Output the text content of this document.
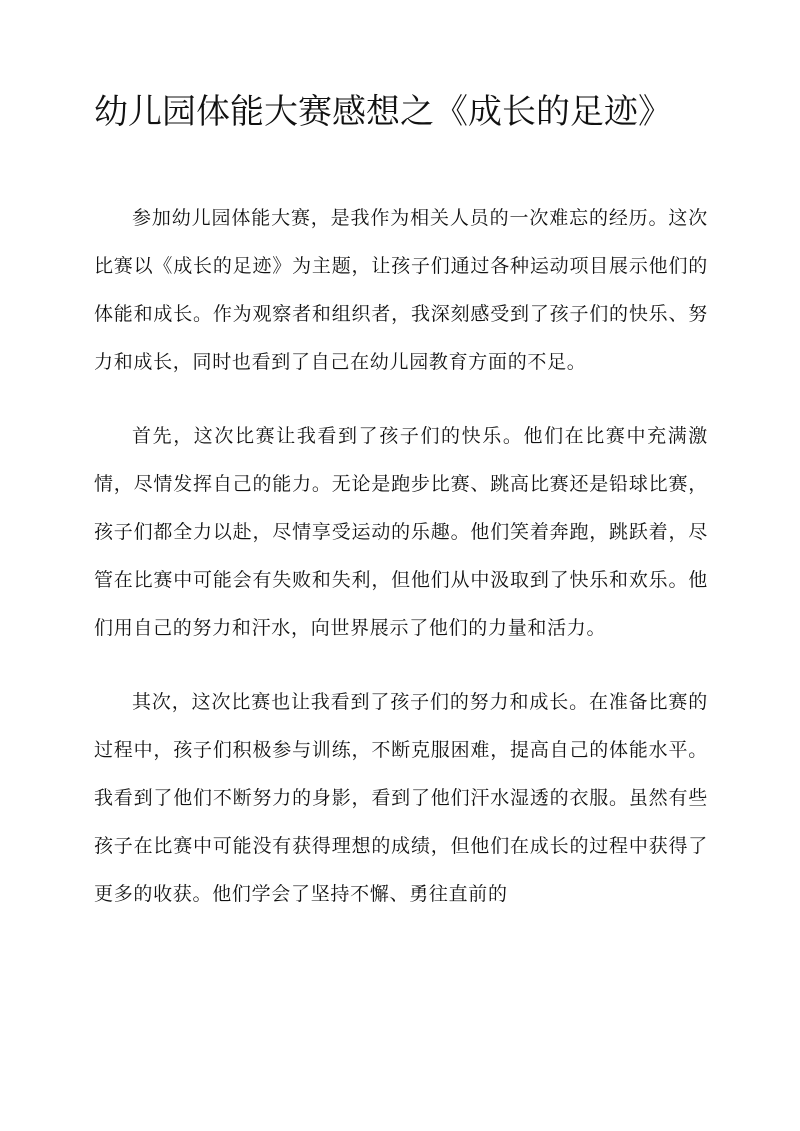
幼儿园体能大赛感想之《成长的足迹》

参加幼儿园体能大赛，是我作为相关人员的一次难忘的经历。这次比赛以《成长的足迹》为主题，让孩子们通过各种运动项目展示他们的体能和成长。作为观察者和组织者，我深刻感受到了孩子们的快乐、努力和成长，同时也看到了自己在幼儿园教育方面的不足。

首先，这次比赛让我看到了孩子们的快乐。他们在比赛中充满激情，尽情发挥自己的能力。无论是跑步比赛、跳高比赛还是铅球比赛，孩子们都全力以赴，尽情享受运动的乐趣。他们笑着奔跑，跳跃着，尽管在比赛中可能会有失败和失利，但他们从中汲取到了快乐和欢乐。他们用自己的努力和汗水，向世界展示了他们的力量和活力。

其次，这次比赛也让我看到了孩子们的努力和成长。在准备比赛的过程中，孩子们积极参与训练，不断克服困难，提高自己的体能水平。我看到了他们不断努力的身影，看到了他们汗水湿透的衣服。虽然有些孩子在比赛中可能没有获得理想的成绩，但他们在成长的过程中获得了更多的收获。他们学会了坚持不懈、勇往直前的
